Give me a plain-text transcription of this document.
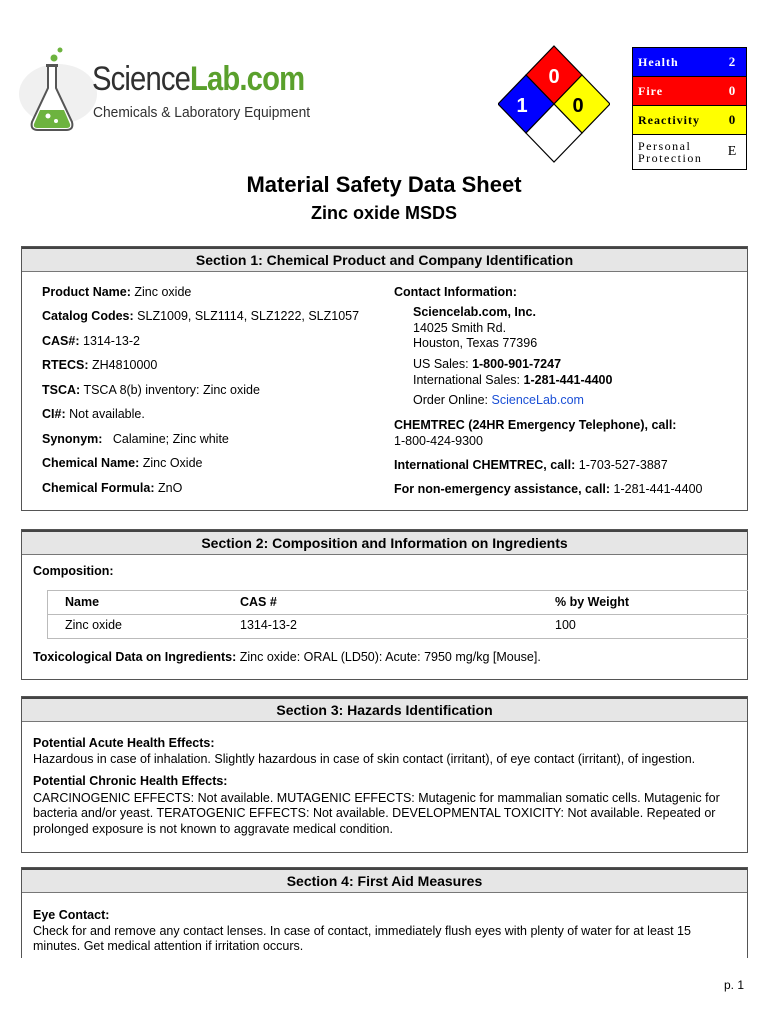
ScienceLab.com
Chemicals & Laboratory Equipment
0
1 0
Health	2
Fire	0
Reactivity	0
Personal
Protection	E
Material Safety Data Sheet
Zinc oxide MSDS
Section 1: Chemical Product and Company Identification
Product Name: Zinc oxide
Catalog Codes: SLZ1009, SLZ1114, SLZ1222, SLZ1057
CAS#: 1314-13-2
RTECS: ZH4810000
TSCA: TSCA 8(b) inventory: Zinc oxide
CI#: Not available.
Synonym:   Calamine; Zinc white
Chemical Name: Zinc Oxide
Chemical Formula: ZnO
Contact Information:
Sciencelab.com, Inc.
14025 Smith Rd.
Houston, Texas 77396
US Sales: 1-800-901-7247
International Sales: 1-281-441-4400
Order Online: ScienceLab.com
CHEMTREC (24HR Emergency Telephone), call:
1-800-424-9300
International CHEMTREC, call: 1-703-527-3887
For non-emergency assistance, call: 1-281-441-4400
Section 2: Composition and Information on Ingredients
Composition:
Name	CAS #	% by Weight
Zinc oxide	1314-13-2	100
Toxicological Data on Ingredients: Zinc oxide: ORAL (LD50): Acute: 7950 mg/kg [Mouse].
Section 3: Hazards Identification
Potential Acute Health Effects:
Hazardous in case of inhalation. Slightly hazardous in case of skin contact (irritant), of eye contact (irritant), of ingestion.
Potential Chronic Health Effects:
CARCINOGENIC EFFECTS: Not available. MUTAGENIC EFFECTS: Mutagenic for mammalian somatic cells. Mutagenic for
bacteria and/or yeast. TERATOGENIC EFFECTS: Not available. DEVELOPMENTAL TOXICITY: Not available. Repeated or
prolonged exposure is not known to aggravate medical condition.
Section 4: First Aid Measures
Eye Contact:
Check for and remove any contact lenses. In case of contact, immediately flush eyes with plenty of water for at least 15
minutes. Get medical attention if irritation occurs.
p. 1
